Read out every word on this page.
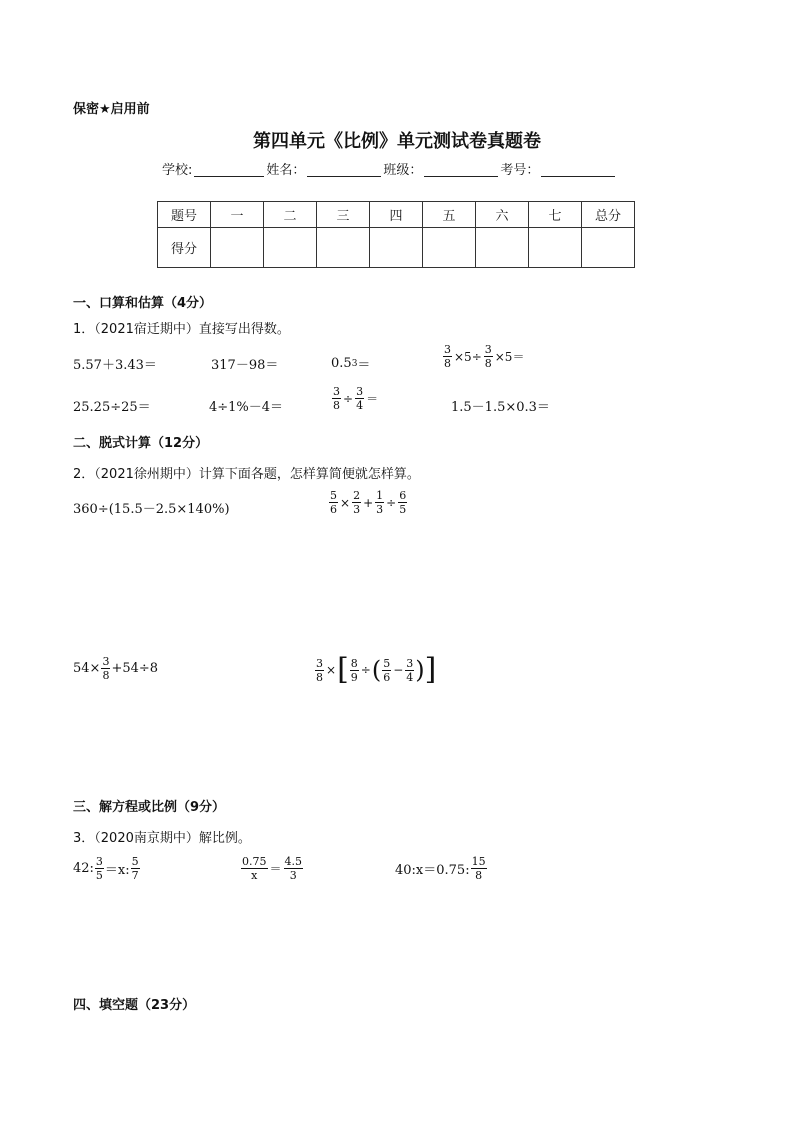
保密★启用前
第四单元《比例》单元测试卷真题卷
学校:	姓名：	班级：	考号：
题号	一	二	三	四	五	六	七	总分
得分								
一、口算和估算（4分）
1．（2021宿迁期中）直接写出得数。
5.57＋3.43＝	317－98＝	0.5 3 ＝	$\frac{3}{8} \times 5\div \frac{3}{8} \times 5=$
25.25÷25＝	4÷1%－4＝	$\frac{3}{8} \div \frac{3}{4}$ ＝
1.5－1.5×0.3＝
二、脱式计算（12分）
2．（2021徐州期中）计算下面各题，怎样算简便就怎样算。
360÷(15.5－2.5×140%)	$\frac{5}{6} \times \frac{2}{3} + \frac{1}{3} \div \frac{6}{5}$
$54\times \frac{3}{8} +54\div 8$	$\frac{3}{8}$ × [ $\frac{8}{9}$ ÷ ( $\frac{5}{6} - \frac{3}{4}$ ) ]
三、解方程或比例（9分）
3．（2020南京期中）解比例。
42: $\frac{3}{5} =x$: $\frac{5}{7}$	$\frac{0.75}{x} = \frac{4.5}{3}$	40:x＝0.75: $\frac{15}{8}$
四、填空题（23分）
